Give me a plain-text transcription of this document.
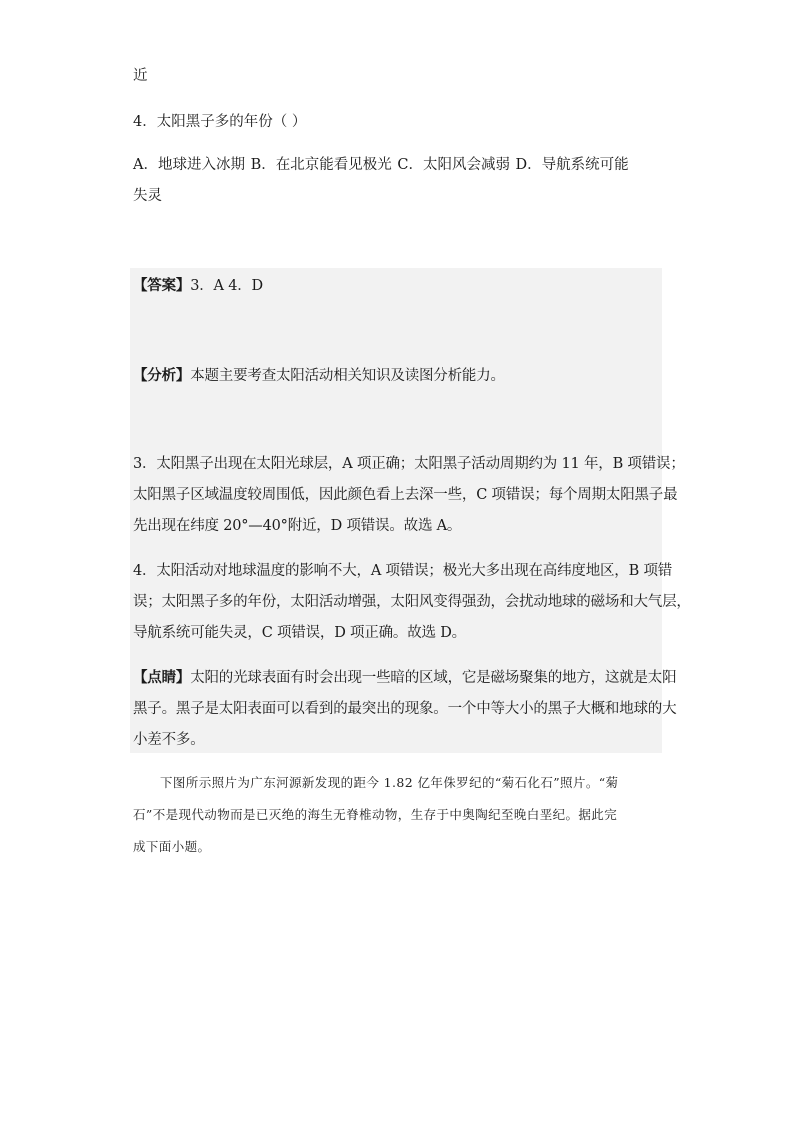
近
4．太阳黑子多的年份（ ）
A．地球进入冰期 B．在北京能看见极光 C．太阳风会减弱 D．导航系统可能
失灵
【答案】3．A 4．D
【分析】本题主要考查太阳活动相关知识及读图分析能力。
3．太阳黑子出现在太阳光球层，A 项正确；太阳黑子活动周期约为 11 年，B 项错误；
太阳黑子区域温度较周围低，因此颜色看上去深一些，C 项错误；每个周期太阳黑子最
先出现在纬度 20°—40°附近，D 项错误。故选 A。
4．太阳活动对地球温度的影响不大，A 项错误；极光大多出现在高纬度地区，B 项错
误；太阳黑子多的年份，太阳活动增强，太阳风变得强劲，会扰动地球的磁场和大气层，
导航系统可能失灵，C 项错误，D 项正确。故选 D。
【点睛】太阳的光球表面有时会出现一些暗的区域，它是磁场聚集的地方，这就是太阳
黑子。黑子是太阳表面可以看到的最突出的现象。一个中等大小的黑子大概和地球的大
小差不多。
下图所示照片为广东河源新发现的距今 1.82 亿年侏罗纪的“菊石化石”照片。“菊
石”不是现代动物而是已灭绝的海生无脊椎动物，生存于中奥陶纪至晚白垩纪。据此完
成下面小题。
